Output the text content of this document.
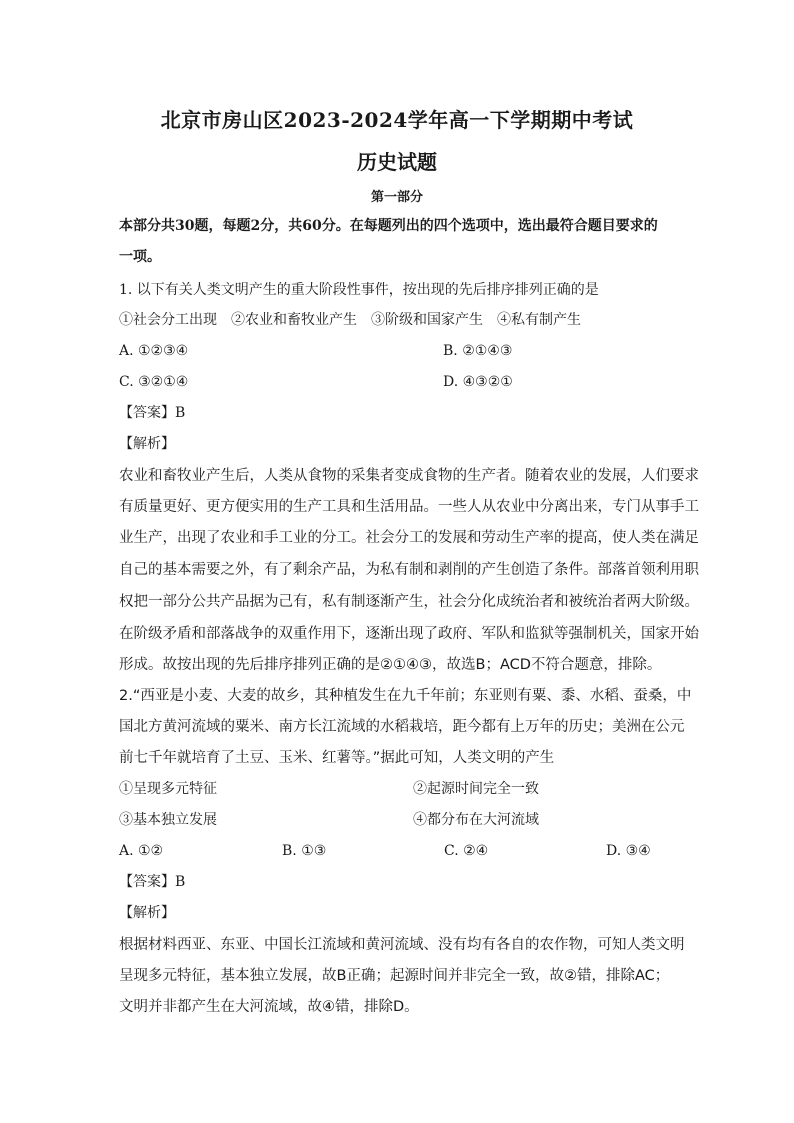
北京市房山区2023-2024学年高一下学期期中考试
历史试题
第一部分
本部分共30题，每题2分，共60分。在每题列出的四个选项中，选出最符合题目要求的
一项。
1. 以下有关人类文明产生的重大阶段性事件，按出现的先后排序排列正确的是
①社会分工出现　②农业和畜牧业产生　③阶级和国家产生　④私有制产生
A. ①②③④	B. ②①④③
C. ③②①④	D. ④③②①
【答案】B
【解析】
农业和畜牧业产生后，人类从食物的采集者变成食物的生产者。随着农业的发展，人们要求
有质量更好、更方便实用的生产工具和生活用品。一些人从农业中分离出来，专门从事手工
业生产，出现了农业和手工业的分工。社会分工的发展和劳动生产率的提高，使人类在满足
自己的基本需要之外，有了剩余产品，为私有制和剥削的产生创造了条件。部落首领利用职
权把一部分公共产品据为己有，私有制逐渐产生，社会分化成统治者和被统治者两大阶级。
在阶级矛盾和部落战争的双重作用下，逐渐出现了政府、军队和监狱等强制机关，国家开始
形成。故按出现的先后排序排列正确的是②①④③，故选B；ACD不符合题意，排除。
2.“西亚是小麦、大麦的故乡，其种植发生在九千年前；东亚则有粟、黍、水稻、蚕桑，中
国北方黄河流域的粟米、南方长江流域的水稻栽培，距今都有上万年的历史；美洲在公元
前七千年就培育了土豆、玉米、红薯等。”据此可知，人类文明的产生
①呈现多元特征	②起源时间完全一致
③基本独立发展	④都分布在大河流域
A. ①②	B. ①③	C. ②④	D. ③④
【答案】B
【解析】
根据材料西亚、东亚、中国长江流域和黄河流域、没有均有各自的农作物，可知人类文明
呈现多元特征，基本独立发展，故B正确；起源时间并非完全一致，故②错，排除AC；
文明并非都产生在大河流域，故④错，排除D。
